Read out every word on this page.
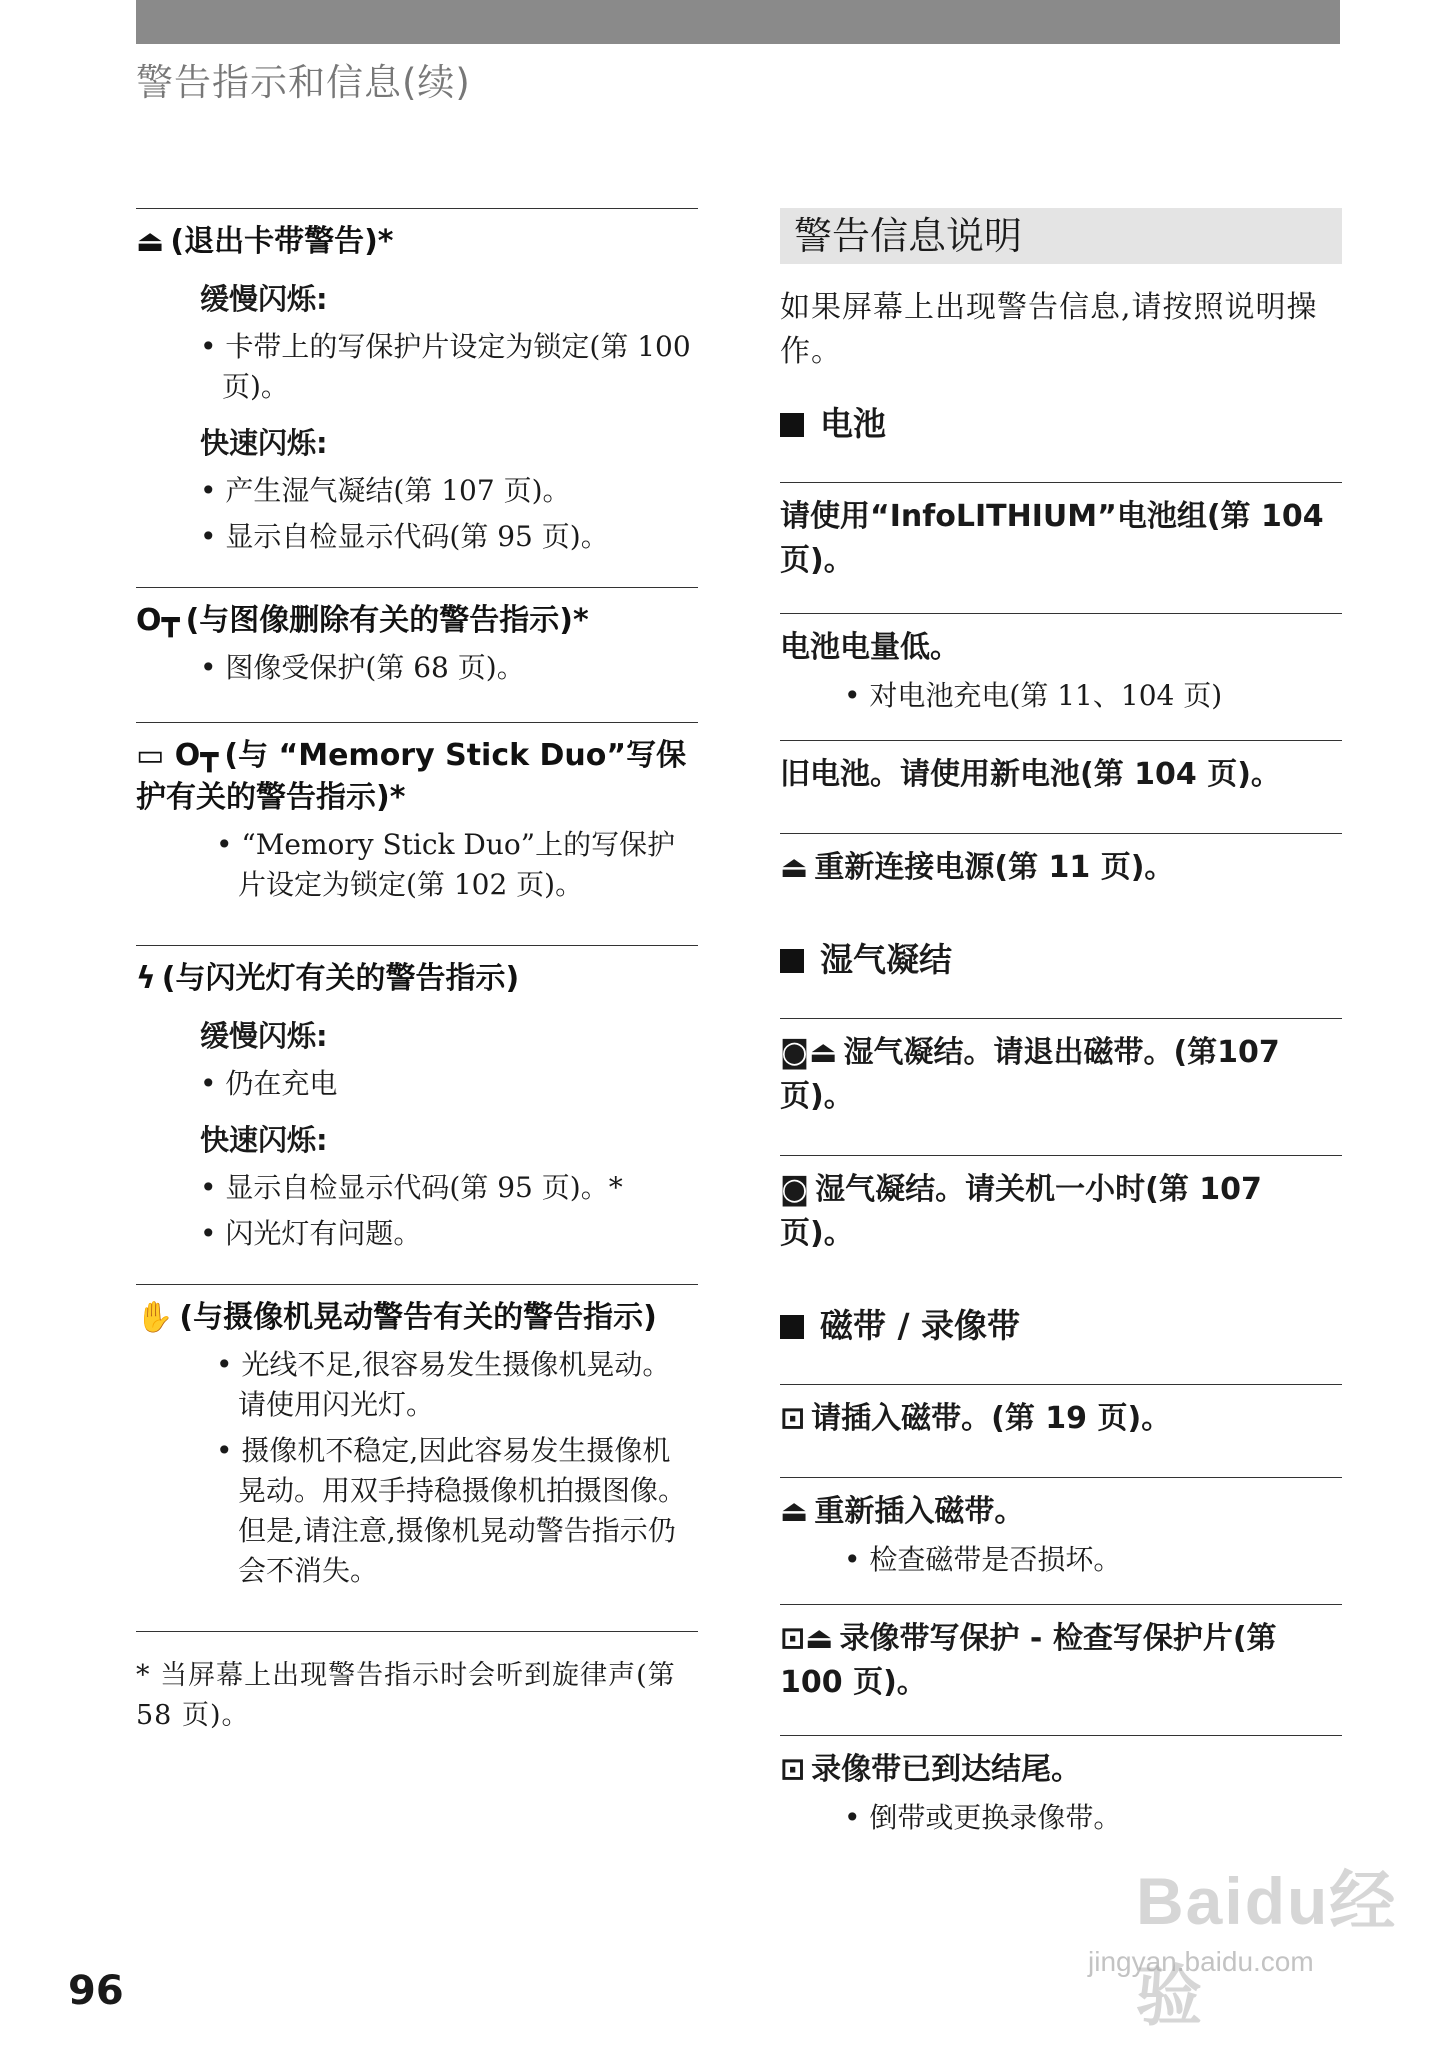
警告指示和信息(续)
⏏ (退出卡带警告)*
缓慢闪烁:
• 卡带上的写保护片设定为锁定(第 100 页)。
快速闪烁:
• 产生湿气凝结(第 107 页)。
• 显示自检显示代码(第 95 页)。
O┳ (与图像删除有关的警告指示)*
• 图像受保护(第 68 页)。
▭ O┳ (与 “Memory Stick Duo”写保护有关的警告指示)*
• “Memory Stick Duo”上的写保护片设定为锁定(第 102 页)。
ϟ (与闪光灯有关的警告指示)
缓慢闪烁:
• 仍在充电
快速闪烁:
• 显示自检显示代码(第 95 页)。*
• 闪光灯有问题。
✋ (与摄像机晃动警告有关的警告指示)
• 光线不足,很容易发生摄像机晃动。请使用闪光灯。
• 摄像机不稳定,因此容易发生摄像机晃动。用双手持稳摄像机拍摄图像。但是,请注意,摄像机晃动警告指示仍会不消失。
* 当屏幕上出现警告指示时会听到旋律声(第 58 页)。
警告信息说明
如果屏幕上出现警告信息,请按照说明操作。
电池
请使用“InfoLITHIUM”电池组(第 104 页)。
电池电量低。
• 对电池充电(第 11、104 页)
旧电池。请使用新电池(第 104 页)。
⏏ 重新连接电源(第 11 页)。
湿气凝结
◙⏏ 湿气凝结。请退出磁带。(第107 页)。
◙ 湿气凝结。请关机一小时(第 107 页)。
磁带 / 录像带
⊡ 请插入磁带。(第 19 页)。
⏏ 重新插入磁带。
• 检查磁带是否损坏。
⊡⏏ 录像带写保护 - 检查写保护片(第 100 页)。
⊡ 录像带已到达结尾。
• 倒带或更换录像带。
96
Baidu经验
jingyan.baidu.com
